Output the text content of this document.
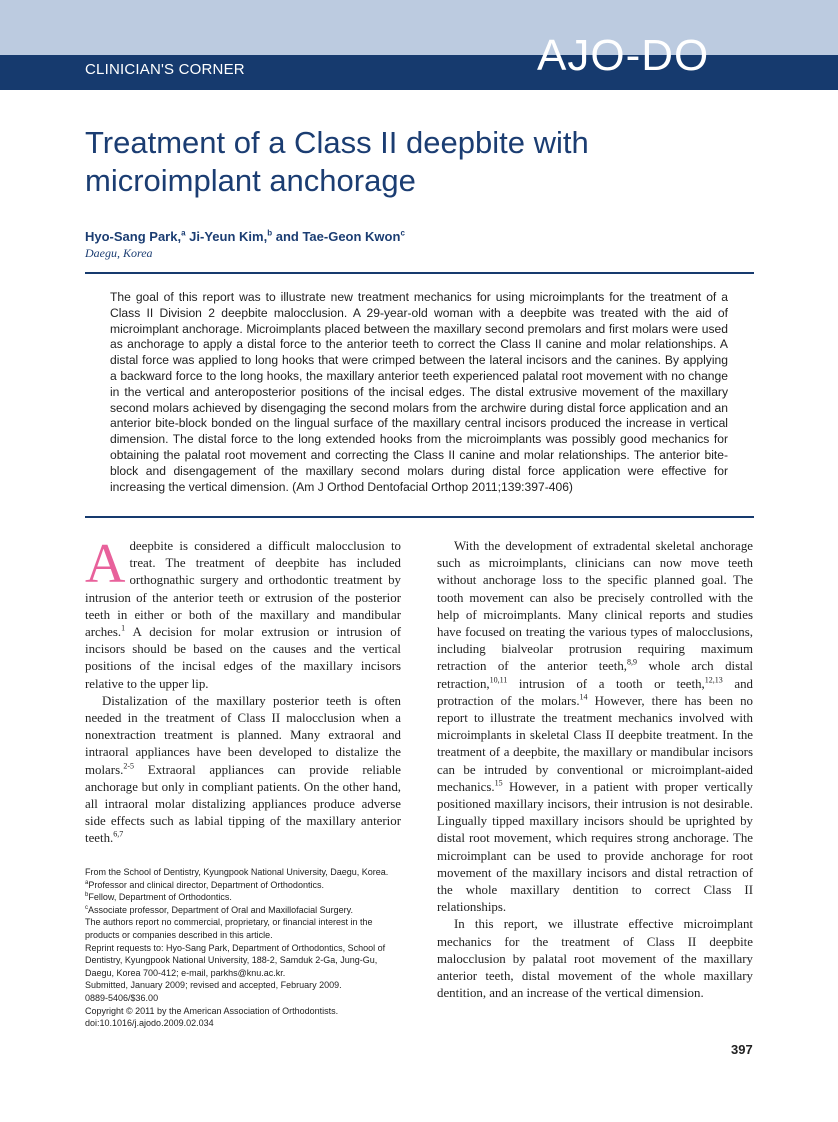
CLINICIAN'S CORNER	AJO-DO
Treatment of a Class II deepbite with microimplant anchorage
Hyo-Sang Park,$^a$ Ji-Yeun Kim,$^b$ and Tae-Geon Kwon$^c$
Daegu, Korea
The goal of this report was to illustrate new treatment mechanics for using microimplants for the treatment of a Class II Division 2 deepbite malocclusion. A 29-year-old woman with a deepbite was treated with the aid of microimplant anchorage. Microimplants placed between the maxillary second premolars and first molars were used as anchorage to apply a distal force to the anterior teeth to correct the Class II canine and molar relationships. A distal force was applied to long hooks that were crimped between the lateral incisors and the canines. By applying a backward force to the long hooks, the maxillary anterior teeth experienced palatal root movement with no change in the vertical and anteroposterior positions of the incisal edges. The distal extrusive movement of the maxillary second molars achieved by disengaging the second molars from the archwire during distal force application and an anterior bite-block bonded on the lingual surface of the maxillary central incisors produced the increase in vertical dimension. The distal force to the long extended hooks from the microimplants was possibly good mechanics for obtaining the palatal root movement and correcting the Class II canine and molar relationships. The anterior bite-block and disengagement of the maxillary second molars during distal force application were effective for increasing the vertical dimension. (Am J Orthod Dentofacial Orthop 2011;139:397-406)

Adeepbite is considered a difficult malocclusion to treat. The treatment of deepbite has included orthognathic surgery and orthodontic treatment by intrusion of the anterior teeth or extrusion of the posterior teeth in either or both of the maxillary and mandibular arches.$^1$ A decision for molar extrusion or intrusion of incisors should be based on the causes and the vertical positions of the incisal edges of the maxillary incisors relative to the upper lip.

Distalization of the maxillary posterior teeth is often needed in the treatment of Class II malocclusion when a nonextraction treatment is planned. Many extraoral and intraoral appliances have been developed to distalize the molars.$^{2-5}$ Extraoral appliances can provide reliable anchorage but only in compliant patients. On the other hand, all intraoral molar distalizing appliances produce adverse side effects such as labial tipping of the maxillary anterior teeth.$^{6,7}$

With the development of extradental skeletal anchorage such as microimplants, clinicians can now move teeth without anchorage loss to the specific planned goal. The tooth movement can also be precisely controlled with the help of microimplants. Many clinical reports and studies have focused on treating the various types of malocclusions, including bialveolar protrusion requiring maximum retraction of the anterior teeth,$^{8,9}$ whole arch distal retraction,$^{10,11}$ intrusion of a tooth or teeth,$^{12,13}$ and protraction of the molars.$^{14}$ However, there has been no report to illustrate the treatment mechanics involved with microimplants in skeletal Class II deepbite treatment. In the treatment of a deepbite, the maxillary or mandibular incisors can be intruded by conventional or microimplant-aided mechanics.$^{15}$ However, in a patient with proper vertically positioned maxillary incisors, their intrusion is not desirable. Lingually tipped maxillary incisors should be uprighted by distal root movement, which requires strong anchorage. The microimplant can be used to provide anchorage for root movement of the maxillary incisors and distal retraction of the whole maxillary dentition to correct Class II relationships.

In this report, we illustrate effective microimplant mechanics for the treatment of Class II deepbite malocclusion by palatal root movement of the maxillary anterior teeth, distal movement of the whole maxillary dentition, and an increase of the vertical dimension.

From the School of Dentistry, Kyungpook National University, Daegu, Korea.
$^a$Professor and clinical director, Department of Orthodontics.
$^b$Fellow, Department of Orthodontics.
$^c$Associate professor, Department of Oral and Maxillofacial Surgery.
The authors report no commercial, proprietary, or financial interest in the products or companies described in this article.
Reprint requests to: Hyo-Sang Park, Department of Orthodontics, School of Dentistry, Kyungpook National University, 188-2, Samduk 2-Ga, Jung-Gu, Daegu, Korea 700-412; e-mail, parkhs@knu.ac.kr.
Submitted, January 2009; revised and accepted, February 2009.
0889-5406/$36.00
Copyright © 2011 by the American Association of Orthodontists.
doi:10.1016/j.ajodo.2009.02.034
397
